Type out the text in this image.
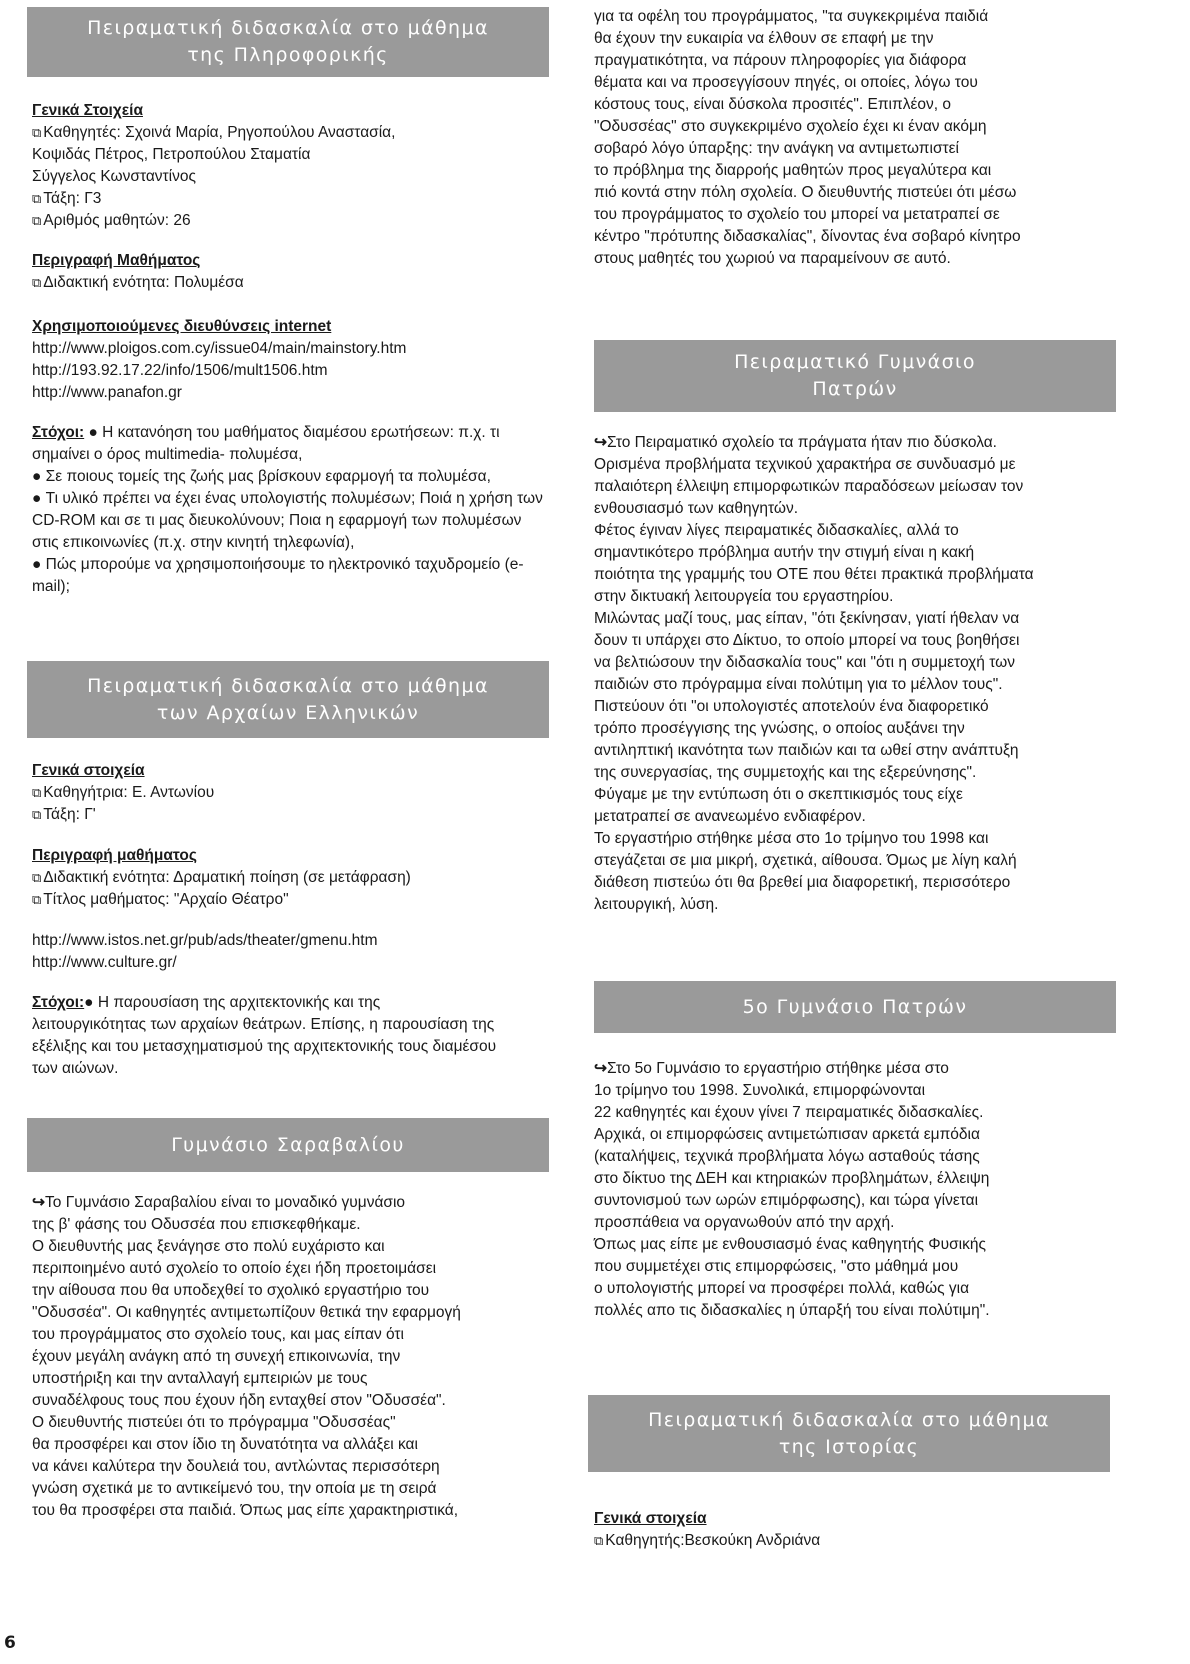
Πειραματική διδασκαλία στο μάθημα
της Πληροφορικής

Γενικά Στοιχεία

⧉ Καθηγητές: Σχοινά Μαρία, Ρηγοπούλου Αναστασία,

Κοψιδάς Πέτρος, Πετροπούλου Σταματία

Σύγγελος Κωνσταντίνος

⧉ Τάξη: Γ3

⧉ Αριθμός μαθητών: 26

Περιγραφή Μαθήματος

⧉ Διδακτική ενότητα: Πολυμέσα

Χρησιμοποιούμενες διευθύνσεις internet

http://www.ploigos.com.cy/issue04/main/mainstory.htm

http://193.92.17.22/info/1506/mult1506.htm

http://www.panafon.gr

Στόχοι: ● Η κατανόηση του μαθήματος διαμέσου ερωτήσεων: π.χ. τι σημαίνει ο όρος multimedia- πολυμέσα,

● Σε ποιους τομείς της ζωής μας βρίσκουν εφαρμογή τα πολυμέσα,

● Τι υλικό πρέπει να έχει ένας υπολογιστής πολυμέσων; Ποιά η χρήση των CD-ROM και σε τι μας διευκολύνουν; Ποια η εφαρμογή των πολυμέσων στις επικοινωνίες (π.χ. στην κινητή τηλεφωνία),

● Πώς μπορούμε να χρησιμοποιήσουμε το ηλεκτρονικό ταχυδρομείο (e-mail);

Πειραματική διδασκαλία στο μάθημα
των Αρχαίων Ελληνικών

Γενικά στοιχεία

⧉ Καθηγήτρια: Ε. Αντωνίου

⧉ Τάξη: Γ'

Περιγραφή μαθήματος

⧉ Διδακτική ενότητα: Δραματική ποίηση (σε μετάφραση)

⧉ Τίτλος μαθήματος: "Αρχαίο Θέατρο"

http://www.istos.net.gr/pub/ads/theater/gmenu.htm

http://www.culture.gr/

Στόχοι:● Η παρουσίαση της αρχιτεκτονικής και της λειτουργικότητας των αρχαίων θεάτρων. Επίσης, η παρουσίαση της εξέλιξης και του μετασχηματισμού της αρχιτεκτονικής τους διαμέσου των αιώνων.

Γυμνάσιο Σαραβαλίου
↪Το Γυμνάσιο Σαραβαλίου είναι το μοναδικό γυμνάσιο
της β' φάσης του Οδυσσέα που επισκεφθήκαμε.
Ο διευθυντής μας ξενάγησε στο πολύ ευχάριστο και
περιποιημένο αυτό σχολείο το οποίο έχει ήδη προετοιμάσει
την αίθουσα που θα υποδεχθεί το σχολικό εργαστήριο του
"Οδυσσέα". Οι καθηγητές αντιμετωπίζουν θετικά την εφαρμογή
του προγράμματος στο σχολείο τους, και μας είπαν ότι
έχουν μεγάλη ανάγκη από τη συνεχή επικοινωνία, την
υποστήριξη και την ανταλλαγή εμπειριών με τους
συναδέλφους τους που έχουν ήδη ενταχθεί στον "Οδυσσέα".
Ο διευθυντής πιστεύει ότι το πρόγραμμα "Οδυσσέας"
θα προσφέρει και στον ίδιο τη δυνατότητα να αλλάξει και
να κάνει καλύτερα την δουλειά του, αντλώντας περισσότερη
γνώση σχετικά με το αντικείμενό του, την οποία με τη σειρά
του θα προσφέρει στα παιδιά. Όπως μας είπε χαρακτηριστικά,
6
για τα οφέλη του προγράμματος, "τα συγκεκριμένα παιδιά
θα έχουν την ευκαιρία να έλθουν σε επαφή με την
πραγματικότητα, να πάρουν πληροφορίες για διάφορα
θέματα και να προσεγγίσουν πηγές, οι οποίες, λόγω του
κόστους τους, είναι δύσκολα προσιτές". Επιπλέον, ο
"Οδυσσέας" στο συγκεκριμένο σχολείο έχει κι έναν ακόμη
σοβαρό λόγο ύπαρξης: την ανάγκη να αντιμετωπιστεί
το πρόβλημα της διαρροής μαθητών προς μεγαλύτερα και
πιό κοντά στην πόλη σχολεία. Ο διευθυντής πιστεύει ότι μέσω
του προγράμματος το σχολείο του μπορεί να μετατραπεί σε
κέντρο "πρότυπης διδασκαλίας", δίνοντας ένα σοβαρό κίνητρο
στους μαθητές του χωριού να παραμείνουν σε αυτό.
Πειραματικό Γυμνάσιο
Πατρών
↪Στο Πειραματικό σχολείο τα πράγματα ήταν πιο δύσκολα.
Ορισμένα προβλήματα τεχνικού χαρακτήρα σε συνδυασμό με
παλαιότερη έλλειψη επιμορφωτικών παραδόσεων μείωσαν τον
ενθουσιασμό των καθηγητών.
Φέτος έγιναν λίγες πειραματικές διδασκαλίες, αλλά το
σημαντικότερο πρόβλημα αυτήν την στιγμή είναι η κακή
ποιότητα της γραμμής του ΟΤΕ που θέτει πρακτικά προβλήματα
στην δικτυακή λειτουργεία του εργαστηρίου.
Μιλώντας μαζί τους, μας είπαν, "ότι ξεκίνησαν, γιατί ήθελαν να
δουν τι υπάρχει στο Δίκτυο, το οποίο μπορεί να τους βοηθήσει
να βελτιώσουν την διδασκαλία τους" και "ότι η συμμετοχή των
παιδιών στο πρόγραμμα είναι πολύτιμη για το μέλλον τους".
Πιστεύουν ότι "οι υπολογιστές αποτελούν ένα διαφορετικό
τρόπο προσέγγισης της γνώσης, ο οποίος αυξάνει την
αντιληπτική ικανότητα των παιδιών και τα ωθεί στην ανάπτυξη
της συνεργασίας, της συμμετοχής και της εξερεύνησης".
Φύγαμε με την εντύπωση ότι ο σκεπτικισμός τους είχε
μετατραπεί σε ανανεωμένο ενδιαφέρον.
Το εργαστήριο στήθηκε μέσα στο 1ο τρίμηνο του 1998 και
στεγάζεται σε μια μικρή, σχετικά, αίθουσα. Όμως με λίγη καλή
διάθεση πιστεύω ότι θα βρεθεί μια διαφορετική, περισσότερο
λειτουργική, λύση.
5ο Γυμνάσιο Πατρών
↪Στο 5ο Γυμνάσιο το εργαστήριο στήθηκε μέσα στο
1ο τρίμηνο του 1998. Συνολικά, επιμορφώνονται
22 καθηγητές και έχουν γίνει 7 πειραματικές διδασκαλίες.
Αρχικά, οι επιμορφώσεις αντιμετώπισαν αρκετά εμπόδια
(καταλήψεις, τεχνικά προβλήματα λόγω ασταθούς τάσης
στο δίκτυο της ΔΕΗ και κτηριακών προβλημάτων, έλλειψη
συντονισμού των ωρών επιμόρφωσης), και τώρα γίνεται
προσπάθεια να οργανωθούν από την αρχή.
Όπως μας είπε με ενθουσιασμό ένας καθηγητής Φυσικής
που συμμετέχει στις επιμορφώσεις, "στο μάθημά μου
ο υπολογιστής μπορεί να προσφέρει πολλά, καθώς για
πολλές απο τις διδασκαλίες η ύπαρξή του είναι πολύτιμη".
Πειραματική διδασκαλία στο μάθημα
της Ιστορίας

Γενικά στοιχεία

⧉ Καθηγητής:Βεσκούκη Ανδριάνα
